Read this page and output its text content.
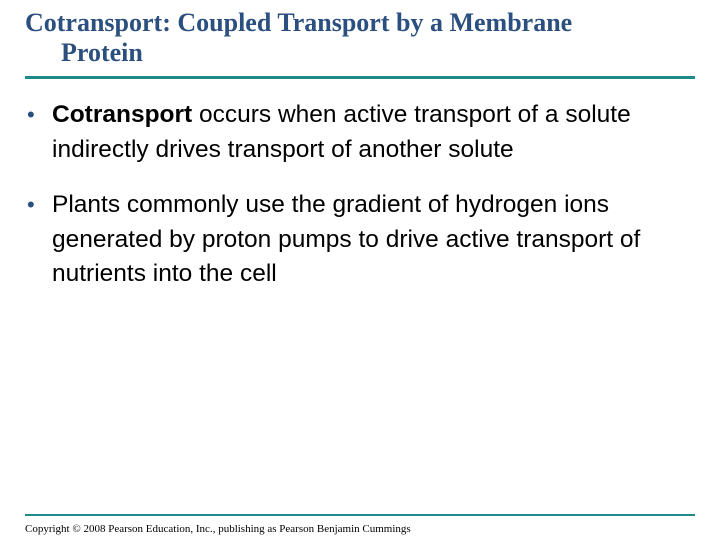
Cotransport: Coupled Transport by a Membrane
Protein
• Cotransport occurs when active transport of a solute indirectly drives transport of another solute
• Plants commonly use the gradient of hydrogen ions generated by proton pumps to drive active transport of nutrients into the cell
Copyright © 2008 Pearson Education, Inc., publishing as Pearson Benjamin Cummings
